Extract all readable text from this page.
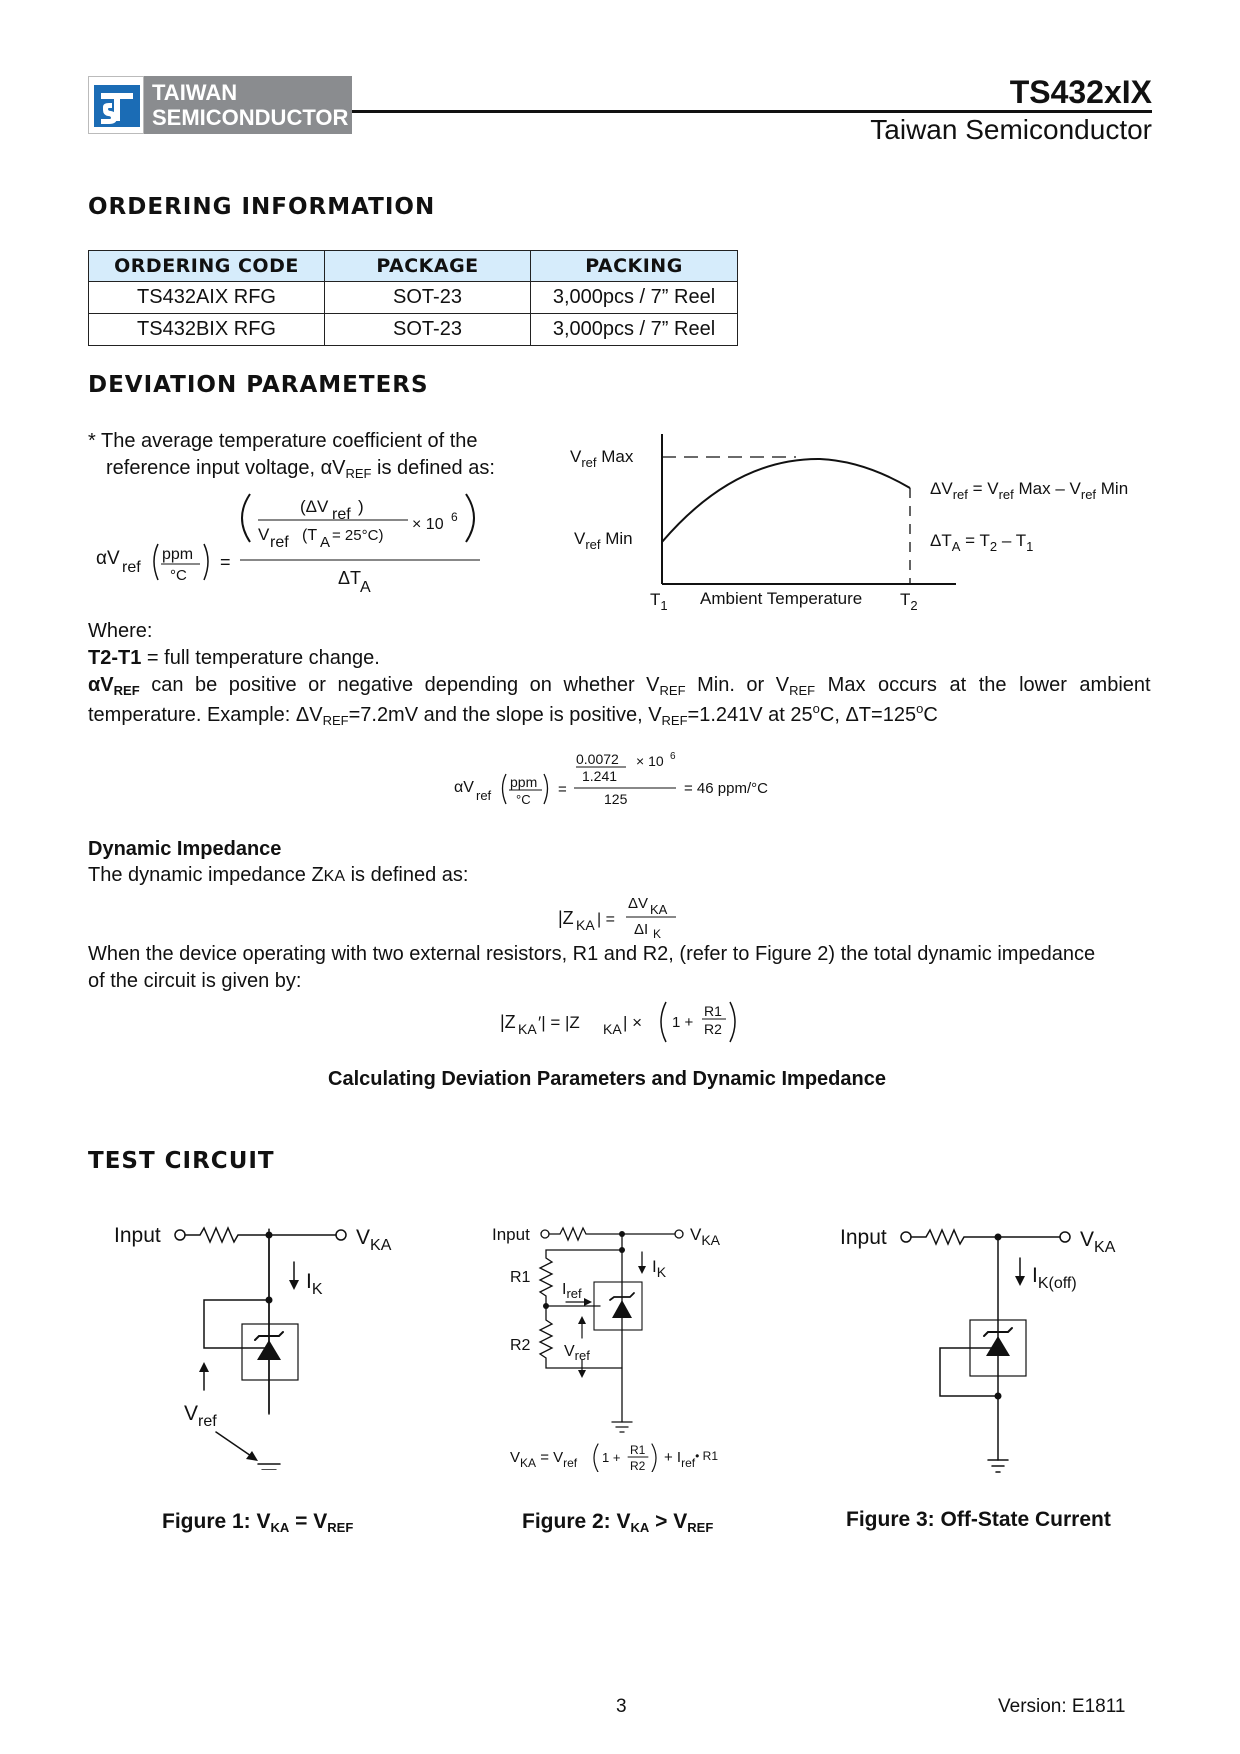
TAIWAN
SEMICONDUCTOR
TS432xIX
Taiwan Semiconductor
ORDERING INFORMATION
ORDERING CODE	PACKAGE	PACKING
TS432AIX RFG	SOT-23	3,000pcs / 7” Reel
TS432BIX RFG	SOT-23	3,000pcs / 7” Reel
DEVIATION PARAMETERS
* The average temperature coefficient of the
reference input voltage, $\alpha V_{REF}$ is defined as:
αV ref
ppm
°C
=
(ΔV ref )
V ref (T A = 25°C)
× 10 6
ΔT
A
$V_{ref}$ Max
$V_{ref}$ Min
$\Delta V_{ref} = V_{ref}$ Max – $V_{ref}$ Min
$\Delta T_A = T_2 - T_1$
$T_1$ Ambient Temperature $T_2$
Where:
T2-T1 = full temperature change.
$\alpha V_{REF}$ can be positive or negative depending on whether $V_{REF}$ Min. or $V_{REF}$ Max occurs at the lower ambient
temperature. Example: $\Delta V_{REF}=7.2mV$ and the slope is positive, $V_{REF}=1.241V$ at 25$^o$C, $\Delta T=125^oC$
αV ref
ppm
°C
=
0.0072 × 10 6
1.241
125
= 46 ppm/°C
Dynamic Impedance
The dynamic impedance ZKA is defined as:
|Z KA | =
ΔV KA
ΔI K
When the device operating with two external resistors, R1 and R2, (refer to Figure 2) the total dynamic impedance
of the circuit is given by:
|Z KA ′| = |Z KA | × 1 +
R1
R2
Calculating Deviation Parameters and Dynamic Impedance
TEST CIRCUIT
Input	$V_{KA}$
$I_K$
$V_{ref}$
Input	$V_{KA}$
$I_K$
R1
R2
$I_{ref}$
$V_{ref}$
$V_{KA} = V_{ref}$ 1 + R1
$R2 + I_{ref}^{• R1}$
Input	$V_{KA}$
$I_{K(off)}$
Figure 1: $V_{KA} = V_{REF}$	Figure 2: $V_{KA} > V_{REF}$	Figure 3: Off-State Current
3	Version: E1811
